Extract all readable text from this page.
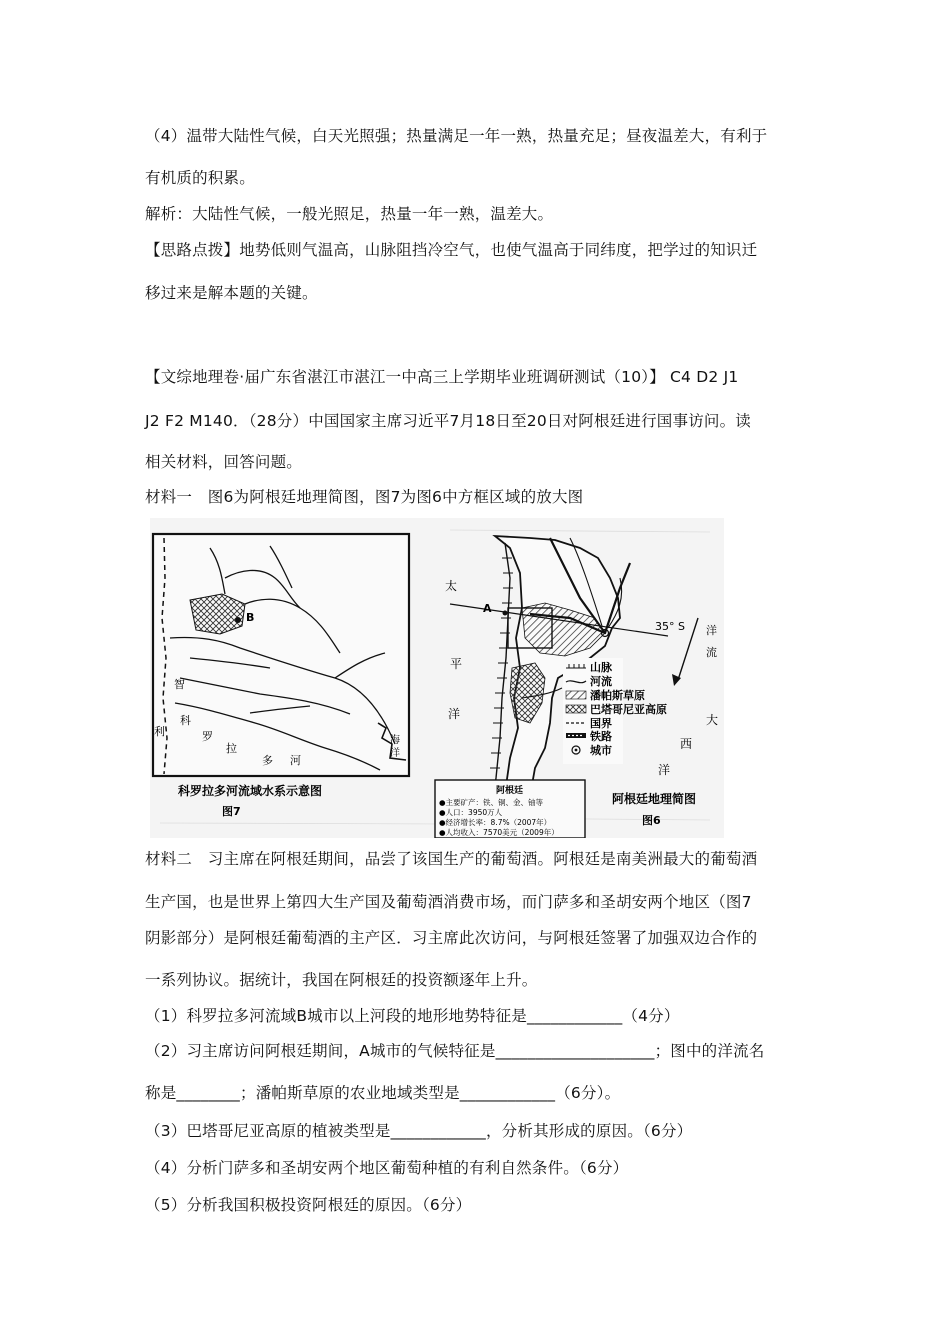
（4）温带大陆性气候，白天光照强；热量满足一年一熟，热量充足；昼夜温差大，有利于
有机质的积累。
解析：大陆性气候，一般光照足，热量一年一熟，温差大。
【思路点拨】地势低则气温高，山脉阻挡冷空气，也使气温高于同纬度，把学过的知识迁
移过来是解本题的关键。
【文综地理卷·届广东省湛江市湛江一中高三上学期毕业班调研测试（10）】 C4 D2 J1
J2 F2 M140．（28分）中国国家主席习近平7月18日至20日对阿根廷进行国事访问。读
相关材料，回答问题。
材料一　图6为阿根廷地理简图，图7为图6中方框区域的放大图
B
智
利
科
罗
拉
多 河
海
洋
科罗拉多河流域水系示意图
图7
35° S
A
太
平
洋
洋
流
大
西
洋
山脉
河流
潘帕斯草原
巴塔哥尼亚高原
国界
铁路
城市
阿根廷
●主要矿产：铁、铜、金、铀等
●人口：3950万人
●经济增长率：8.7%（2007年）
●人均收入：7570美元（2009年）
阿根廷地理简图
图6
材料二　习主席在阿根廷期间，品尝了该国生产的葡萄酒。阿根廷是南美洲最大的葡萄酒
生产国，也是世界上第四大生产国及葡萄酒消费市场，而门萨多和圣胡安两个地区（图7
阴影部分）是阿根廷葡萄酒的主产区．习主席此次访问，与阿根廷签署了加强双边合作的
一系列协议。据统计，我国在阿根廷的投资额逐年上升。
（1）科罗拉多河流域B城市以上河段的地形地势特征是____________（4分）
（2）习主席访问阿根廷期间，A城市的气候特征是____________________；图中的洋流名
称是________；潘帕斯草原的农业地域类型是____________（6分）。
（3）巴塔哥尼亚高原的植被类型是____________，分析其形成的原因。（6分）
（4）分析门萨多和圣胡安两个地区葡萄种植的有利自然条件。（6分）
（5）分析我国积极投资阿根廷的原因。（6分）
